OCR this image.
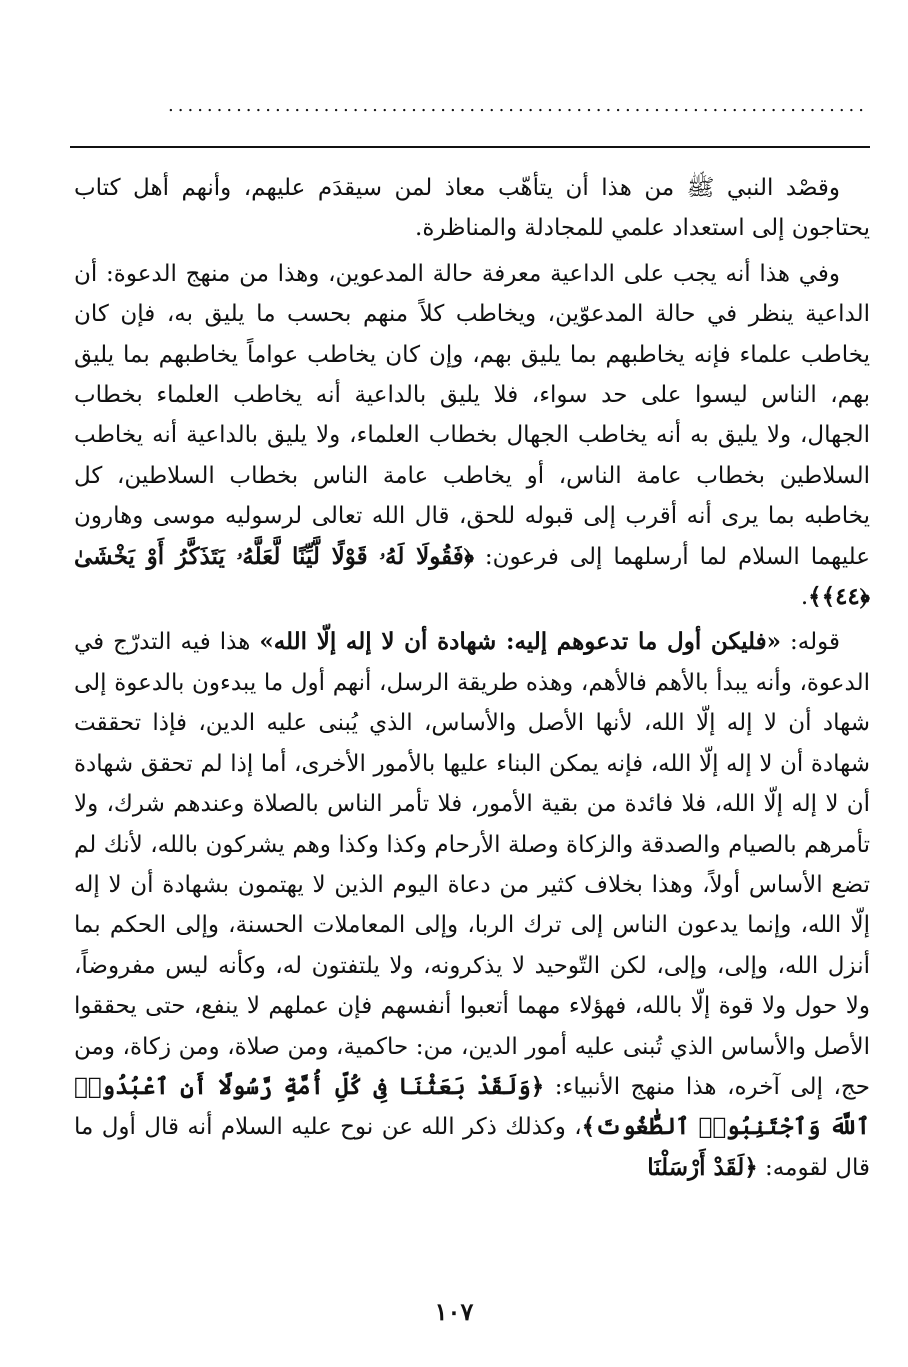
........................................................................

وقصْد النبي ﷺ من هذا أن يتأهّب معاذ لمن سيقدَم عليهم، وأنهم أهل كتاب يحتاجون إلى استعداد علمي للمجادلة والمناظرة.

وفي هذا أنه يجب على الداعية معرفة حالة المدعوين، وهذا من منهج الدعوة: أن الداعية ينظر في حالة المدعوّين، ويخاطب كلاً منهم بحسب ما يليق به، فإن كان يخاطب علماء فإنه يخاطبهم بما يليق بهم، وإن كان يخاطب عواماً يخاطبهم بما يليق بهم، الناس ليسوا على حد سواء، فلا يليق بالداعية أنه يخاطب العلماء بخطاب الجهال، ولا يليق به أنه يخاطب الجهال بخطاب العلماء، ولا يليق بالداعية أنه يخاطب السلاطين بخطاب عامة الناس، أو يخاطب عامة الناس بخطاب السلاطين، كل يخاطبه بما يرى أنه أقرب إلى قبوله للحق، قال الله تعالى لرسوليه موسى وهارون عليهما السلام لما أرسلهما إلى فرعون: ﴿فَقُولَا لَهُۥ قَوْلًا لَّيِّنًا لَّعَلَّهُۥ يَتَذَكَّرُ أَوْ يَخْشَىٰ ﴿٤٤﴾﴾.

قوله: «فليكن أول ما تدعوهم إليه: شهادة أن لا إله إلّا الله» هذا فيه التدرّج في الدعوة، وأنه يبدأ بالأهم فالأهم، وهذه طريقة الرسل، أنهم أول ما يبدءون بالدعوة إلى شهاد أن لا إله إلّا الله، لأنها الأصل والأساس، الذي يُبنى عليه الدين، فإذا تحققت شهادة أن لا إله إلّا الله، فإنه يمكن البناء عليها بالأمور الأخرى، أما إذا لم تحقق شهادة أن لا إله إلّا الله، فلا فائدة من بقية الأمور، فلا تأمر الناس بالصلاة وعندهم شرك، ولا تأمرهم بالصيام والصدقة والزكاة وصلة الأرحام وكذا وكذا وهم يشركون بالله، لأنك لم تضع الأساس أولاً، وهذا بخلاف كثير من دعاة اليوم الذين لا يهتمون بشهادة أن لا إله إلّا الله، وإنما يدعون الناس إلى ترك الربا، وإلى المعاملات الحسنة، وإلى الحكم بما أنزل الله، وإلى، وإلى، لكن التّوحيد لا يذكرونه، ولا يلتفتون له، وكأنه ليس مفروضاً، ولا حول ولا قوة إلّا بالله، فهؤلاء مهما أتعبوا أنفسهم فإن عملهم لا ينفع، حتى يحققوا الأصل والأساس الذي تُبنى عليه أمور الدين، من: حاكمية، ومن صلاة، ومن زكاة، ومن حج، إلى آخره، هذا منهج الأنبياء: ﴿وَلَقَدْ بَعَثْنَا فِى كُلِّ أُمَّةٍ رَّسُولًا أَنِ ٱعْبُدُوا۟ ٱللَّهَ وَٱجْتَنِبُوا۟ ٱلطَّٰغُوتَ﴾، وكذلك ذكر الله عن نوح عليه السلام أنه قال أول ما قال لقومه: ﴿لَقَدْ أَرْسَلْنَا

١٠٧
